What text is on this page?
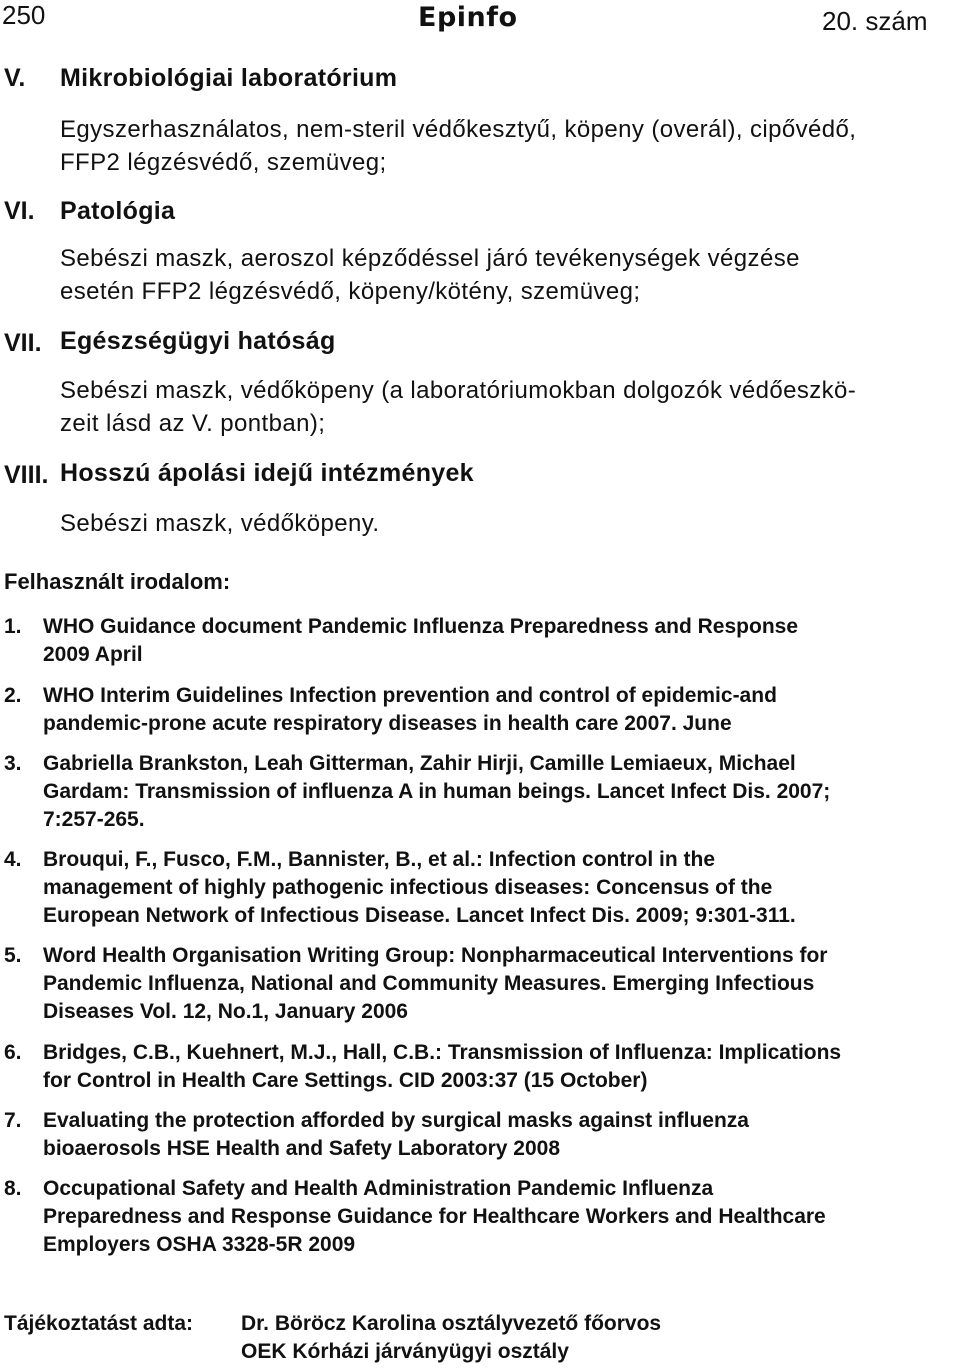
250	Epinfo	20. szám
V. Mikrobiológiai laboratórium
Egyszerhasználatos, nem-steril védőkesztyű, köpeny (overál), cipővédő,
FFP2 légzésvédő, szemüveg;
VI. Patológia
Sebészi maszk, aeroszol képződéssel járó tevékenységek végzése
esetén FFP2 légzésvédő, köpeny/kötény, szemüveg;
VII. Egészségügyi hatóság
Sebészi maszk, védőköpeny (a laboratóriumokban dolgozók védőeszkö-
zeit lásd az V. pontban);
VIII. Hosszú ápolási idejű intézmények
Sebészi maszk, védőköpeny.
Felhasznált irodalom:
1. WHO Guidance document Pandemic Influenza Preparedness and Response
2009 April
2. WHO Interim Guidelines Infection prevention and control of epidemic-and
pandemic-prone acute respiratory diseases in health care 2007. June
3. Gabriella Brankston, Leah Gitterman, Zahir Hirji, Camille Lemiaeux, Michael
Gardam: Transmission of influenza A in human beings. Lancet Infect Dis. 2007;
7:257-265.
4. Brouqui, F., Fusco, F.M., Bannister, B., et al.: Infection control in the
management of highly pathogenic infectious diseases: Concensus of the
European Network of Infectious Disease. Lancet Infect Dis. 2009; 9:301-311.
5. Word Health Organisation Writing Group: Nonpharmaceutical Interventions for
Pandemic Influenza, National and Community Measures. Emerging Infectious
Diseases Vol. 12, No.1, January 2006
6. Bridges, C.B., Kuehnert, M.J., Hall, C.B.: Transmission of Influenza: Implications
for Control in Health Care Settings. CID 2003:37 (15 October)
7. Evaluating the protection afforded by surgical masks against influenza
bioaerosols HSE Health and Safety Laboratory 2008
8. Occupational Safety and Health Administration Pandemic Influenza
Preparedness and Response Guidance for Healthcare Workers and Healthcare
Employers OSHA 3328-5R 2009
Tájékoztatást adta: Dr. Böröcz Karolina osztályvezető főorvos
OEK Kórházi járványügyi osztály
